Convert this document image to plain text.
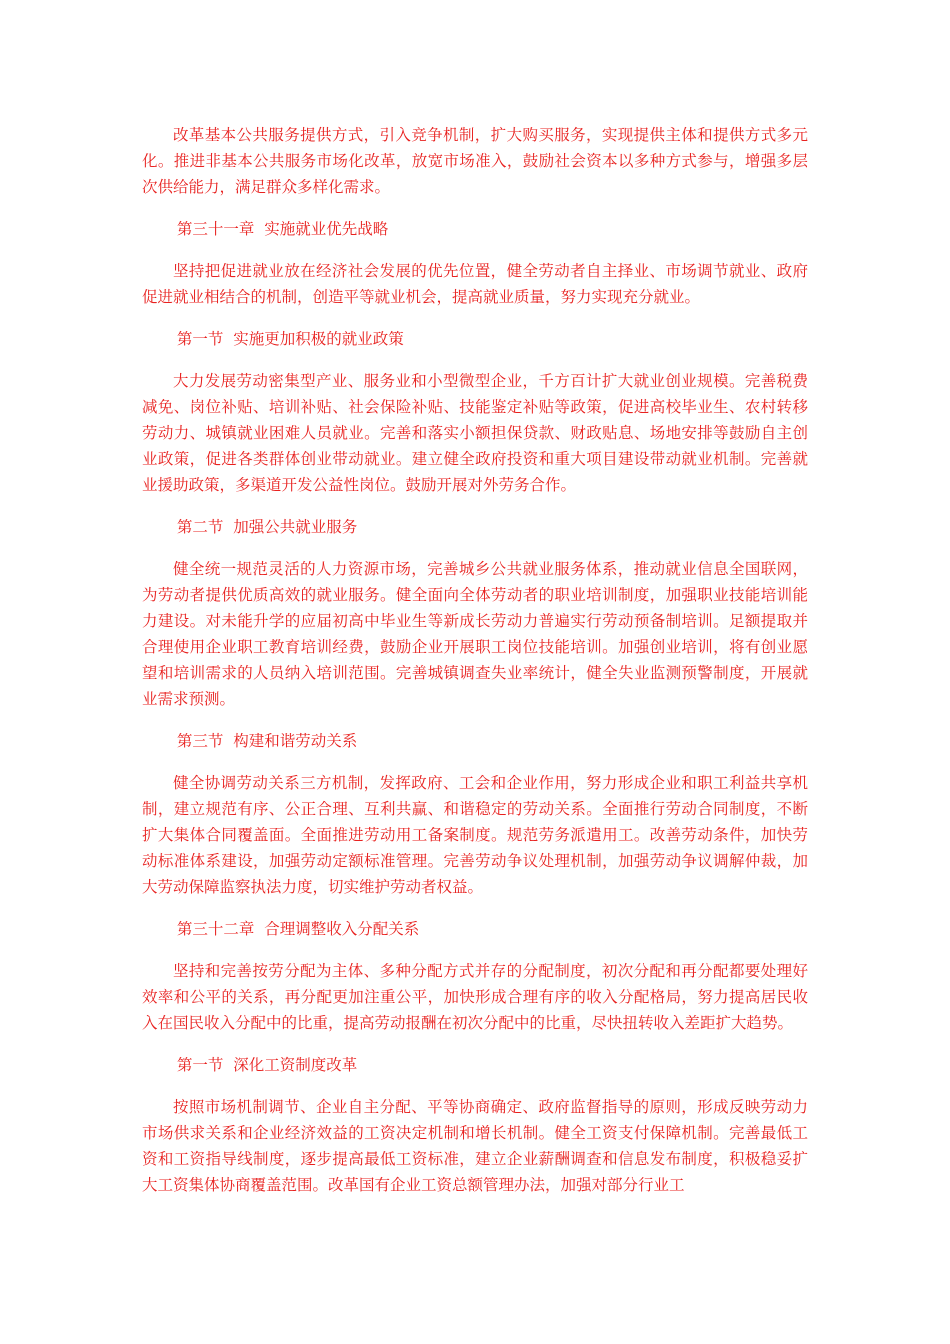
改革基本公共服务提供方式，引入竞争机制，扩大购买服务，实现提供主体和提供方式多元化。推进非基本公共服务市场化改革，放宽市场准入，鼓励社会资本以多种方式参与，增强多层次供给能力，满足群众多样化需求。

第三十一章  实施就业优先战略

坚持把促进就业放在经济社会发展的优先位置，健全劳动者自主择业、市场调节就业、政府促进就业相结合的机制，创造平等就业机会，提高就业质量，努力实现充分就业。

第一节  实施更加积极的就业政策

大力发展劳动密集型产业、服务业和小型微型企业，千方百计扩大就业创业规模。完善税费减免、岗位补贴、培训补贴、社会保险补贴、技能鉴定补贴等政策，促进高校毕业生、农村转移劳动力、城镇就业困难人员就业。完善和落实小额担保贷款、财政贴息、场地安排等鼓励自主创业政策，促进各类群体创业带动就业。建立健全政府投资和重大项目建设带动就业机制。完善就业援助政策，多渠道开发公益性岗位。鼓励开展对外劳务合作。

第二节  加强公共就业服务

健全统一规范灵活的人力资源市场，完善城乡公共就业服务体系，推动就业信息全国联网，为劳动者提供优质高效的就业服务。健全面向全体劳动者的职业培训制度，加强职业技能培训能力建设。对未能升学的应届初高中毕业生等新成长劳动力普遍实行劳动预备制培训。足额提取并合理使用企业职工教育培训经费，鼓励企业开展职工岗位技能培训。加强创业培训，将有创业愿望和培训需求的人员纳入培训范围。完善城镇调查失业率统计，健全失业监测预警制度，开展就业需求预测。

第三节  构建和谐劳动关系

健全协调劳动关系三方机制，发挥政府、工会和企业作用，努力形成企业和职工利益共享机制，建立规范有序、公正合理、互利共赢、和谐稳定的劳动关系。全面推行劳动合同制度，不断扩大集体合同覆盖面。全面推进劳动用工备案制度。规范劳务派遣用工。改善劳动条件，加快劳动标准体系建设，加强劳动定额标准管理。完善劳动争议处理机制，加强劳动争议调解仲裁，加大劳动保障监察执法力度，切实维护劳动者权益。

第三十二章  合理调整收入分配关系

坚持和完善按劳分配为主体、多种分配方式并存的分配制度，初次分配和再分配都要处理好效率和公平的关系，再分配更加注重公平，加快形成合理有序的收入分配格局，努力提高居民收入在国民收入分配中的比重，提高劳动报酬在初次分配中的比重，尽快扭转收入差距扩大趋势。

第一节  深化工资制度改革

按照市场机制调节、企业自主分配、平等协商确定、政府监督指导的原则，形成反映劳动力市场供求关系和企业经济效益的工资决定机制和增长机制。健全工资支付保障机制。完善最低工资和工资指导线制度，逐步提高最低工资标准，建立企业薪酬调查和信息发布制度，积极稳妥扩大工资集体协商覆盖范围。改革国有企业工资总额管理办法，加强对部分行业工
